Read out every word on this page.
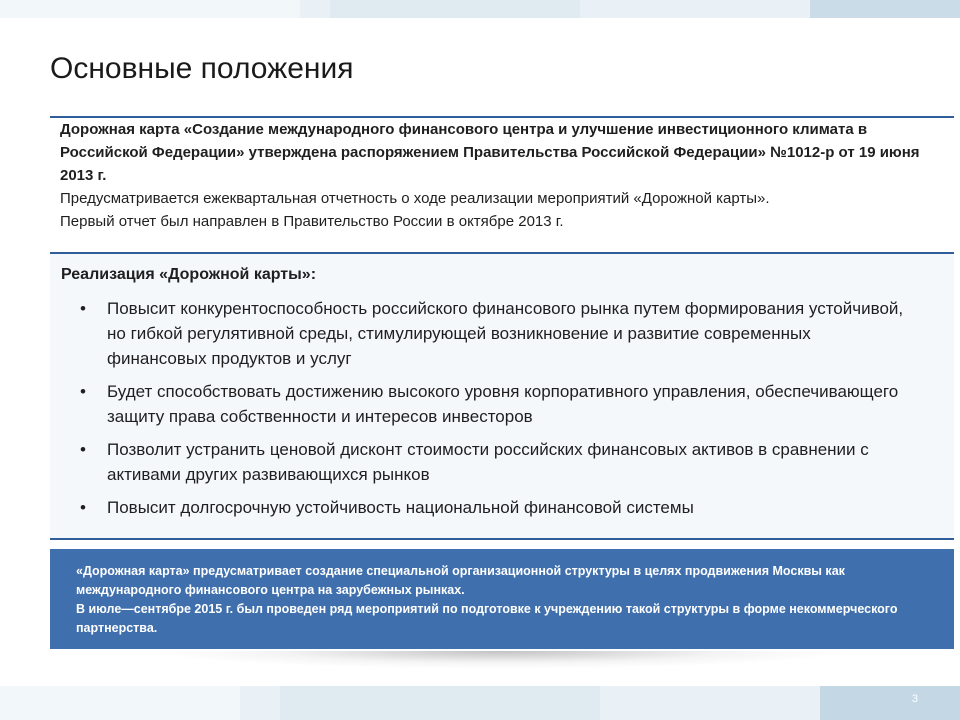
Основные положения
Дорожная карта «Создание международного финансового центра и улучшение инвестиционного климата в Российской Федерации» утверждена распоряжением Правительства Российской Федерации» №1012-р от 19 июня 2013 г.
Предусматривается ежеквартальная отчетность о ходе реализации мероприятий «Дорожной карты».
Первый отчет был направлен в Правительство России в октябре 2013 г.
Реализация «Дорожной карты»:
• Повысит конкурентоспособность российского финансового рынка путем формирования устойчивой, но гибкой регулятивной среды, стимулирующей возникновение и развитие современных финансовых продуктов и услуг
• Будет способствовать достижению высокого уровня корпоративного управления, обеспечивающего защиту права собственности и интересов инвесторов
• Позволит устранить ценовой дисконт стоимости российских финансовых активов в сравнении с активами других развивающихся рынков
• Повысит долгосрочную устойчивость национальной финансовой системы
«Дорожная карта» предусматривает создание специальной организационной структуры в целях продвижения Москвы как международного финансового центра на зарубежных рынках.
В июле—сентябре 2015 г. был проведен ряд мероприятий по подготовке к учреждению такой структуры в форме некоммерческого партнерства.
3
